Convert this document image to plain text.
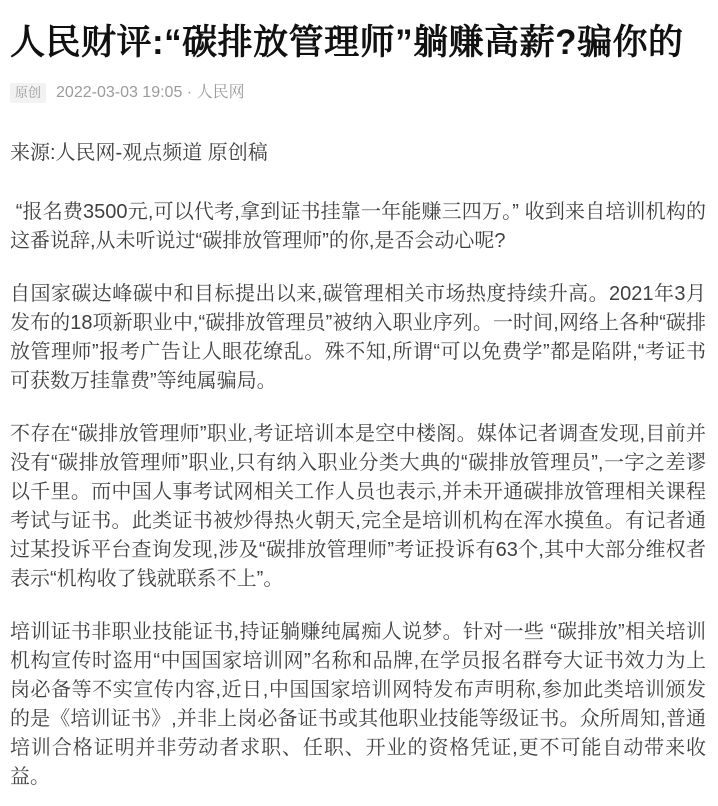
人民财评:“碳排放管理师”躺赚高薪?骗你的
原创 2022-03-03 19:05 · 人民网

来源:人民网-观点频道 原创稿

“报名费3500元,可以代考,拿到证书挂靠一年能赚三四万。” 收到来自培训机构的这番说辞,从未听说过“碳排放管理师”的你,是否会动心呢?

自国家碳达峰碳中和目标提出以来,碳管理相关市场热度持续升高。2021年3月发布的18项新职业中,“碳排放管理员”被纳入职业序列。一时间,网络上各种“碳排放管理师”报考广告让人眼花缭乱。殊不知,所谓“可以免费学”都是陷阱,“考证书可获数万挂靠费”等纯属骗局。

不存在“碳排放管理师”职业,考证培训本是空中楼阁。媒体记者调查发现,目前并没有“碳排放管理师”职业,只有纳入职业分类大典的“碳排放管理员”,一字之差谬以千里。而中国人事考试网相关工作人员也表示,并未开通碳排放管理相关课程考试与证书。此类证书被炒得热火朝天,完全是培训机构在浑水摸鱼。有记者通过某投诉平台查询发现,涉及“碳排放管理师”考证投诉有63个,其中大部分维权者表示“机构收了钱就联系不上”。

培训证书非职业技能证书,持证躺赚纯属痴人说梦。针对一些 “碳排放”相关培训机构宣传时盗用“中国国家培训网”名称和品牌,在学员报名群夸大证书效力为上岗必备等不实宣传内容,近日,中国国家培训网特发布声明称,参加此类培训颁发的是《培训证书》,并非上岗必备证书或其他职业技能等级证书。众所周知,普通培训合格证明并非劳动者求职、任职、开业的资格凭证,更不可能自动带来收益。
